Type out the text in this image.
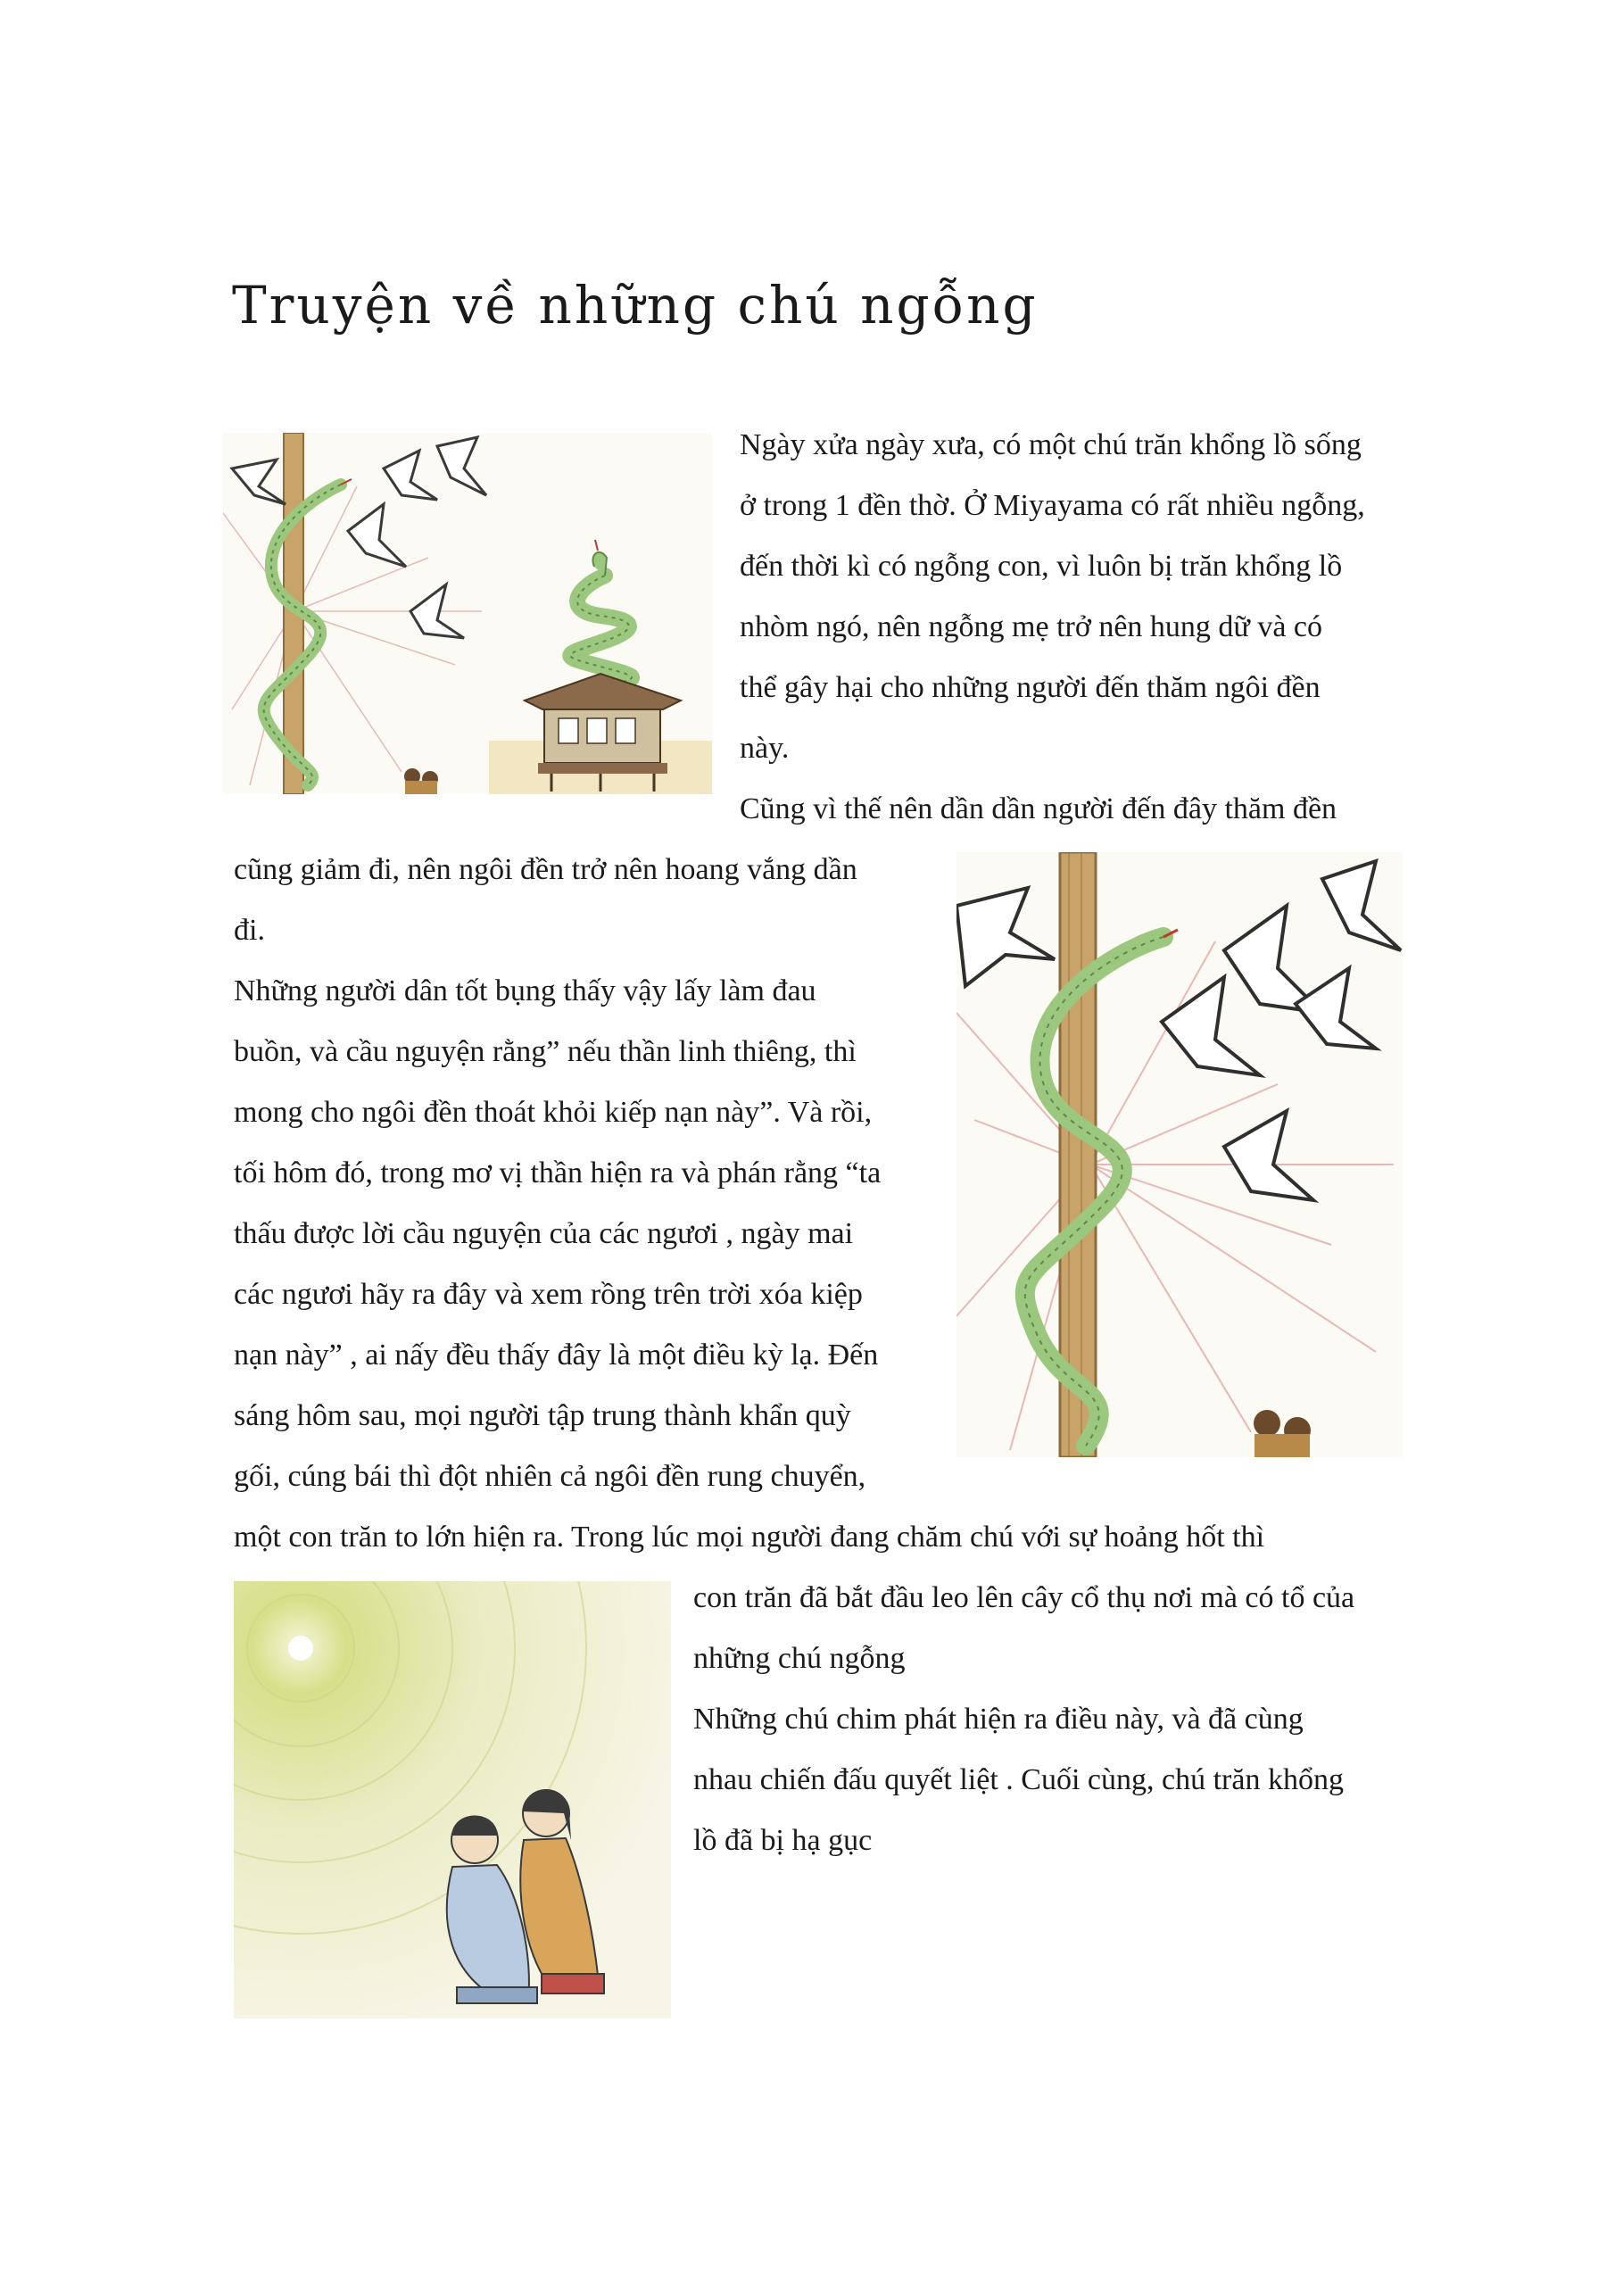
Truyện về những chú ngỗng
Ngày xửa ngày xưa, có một chú trăn khổng lồ sống
ở trong 1 đền thờ. Ở Miyayama có rất nhiều ngỗng,
đến thời kì có ngỗng con, vì luôn bị trăn khổng lồ
nhòm ngó, nên ngỗng mẹ trở nên hung dữ và có
thể gây hại cho những người đến thăm ngôi đền
này.
Cũng vì thế nên dần dần người đến đây thăm đền
cũng giảm đi, nên ngôi đền trở nên hoang vắng dần
đi.
Những người dân tốt bụng thấy vậy lấy làm đau
buồn, và cầu nguyện rằng” nếu thần linh thiêng, thì
mong cho ngôi đền thoát khỏi kiếp nạn này”. Và rồi,
tối hôm đó, trong mơ vị thần hiện ra và phán rằng “ta
thấu được lời cầu nguyện của các ngươi , ngày mai
các ngươi hãy ra đây và xem rồng trên trời xóa kiệp
nạn này” , ai nấy đều thấy đây là một điều kỳ lạ. Đến
sáng hôm sau, mọi người tập trung thành khẩn quỳ
gối, cúng bái thì đột nhiên cả ngôi đền rung chuyển,
một con trăn to lớn hiện ra. Trong lúc mọi người đang chăm chú với sự hoảng hốt thì
con trăn đã bắt đầu leo lên cây cổ thụ nơi mà có tổ của
những chú ngỗng
Những chú chim phát hiện ra điều này, và đã cùng
nhau chiến đấu quyết liệt . Cuối cùng, chú trăn khổng
lồ đã bị hạ gục
